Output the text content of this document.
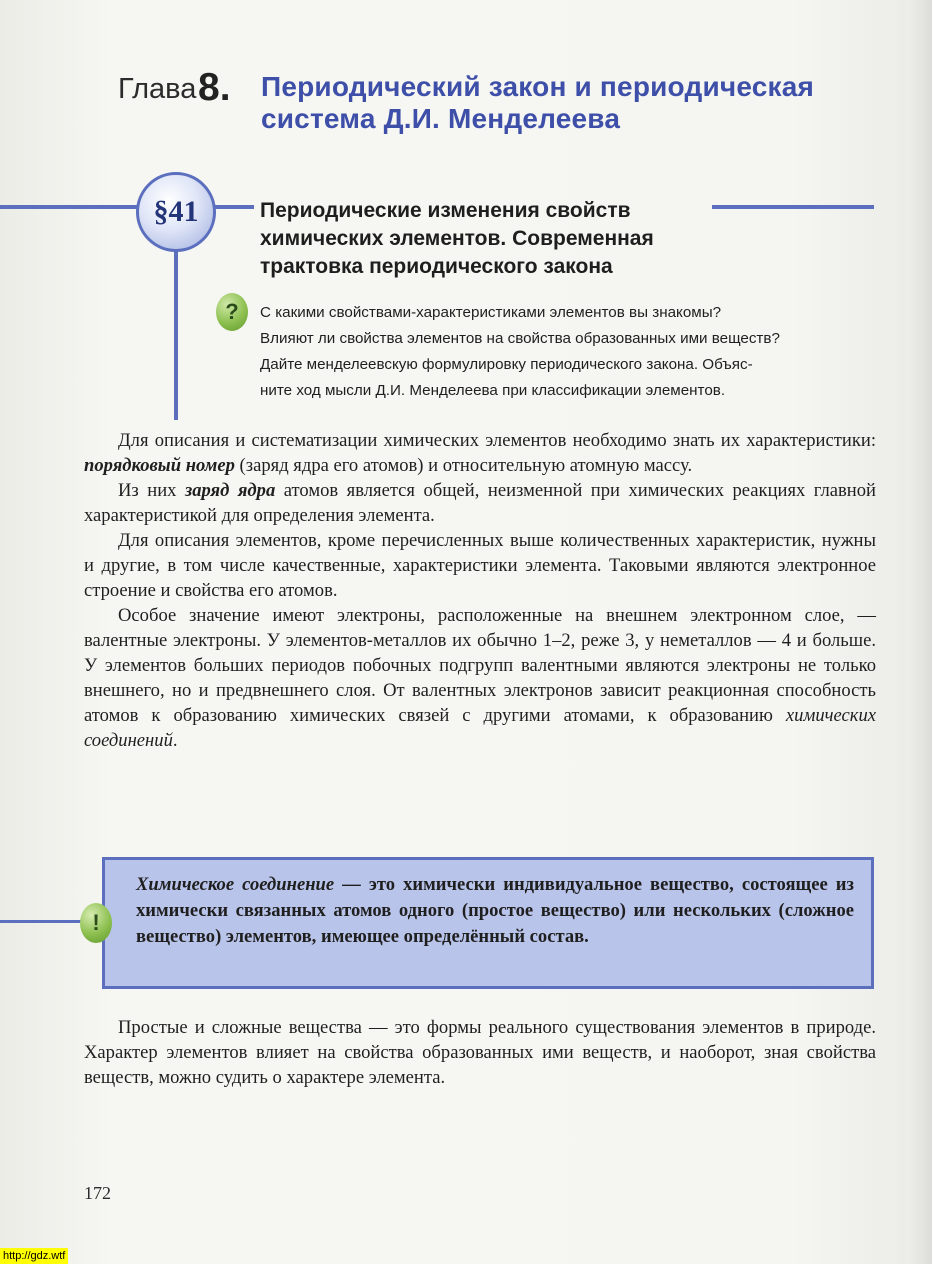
Глава 8. Периодический закон и периодическая
система Д.И. Менделеева
§41	Периодические изменения свойств
химических элементов. Современная
трактовка периодического закона
?	С какими свойствами-характеристиками элементов вы знакомы?
Влияют ли свойства элементов на свойства образованных ими веществ?
Дайте менделеевскую формулировку периодического закона. Объяс-
ните ход мысли Д.И. Менделеева при классификации элементов.

Для описания и систематизации химических элементов необходимо знать их характеристики: порядковый номер (заряд ядра его атомов) и относительную атомную массу.

Из них заряд ядра атомов является общей, неизменной при химических реакциях главной характеристикой для определения элемента.

Для описания элементов, кроме перечисленных выше количественных характеристик, нужны и другие, в том числе качественные, характеристики элемента. Таковыми являются электронное строение и свойства его атомов.

Особое значение имеют электроны, расположенные на внешнем электронном слое, — валентные электроны. У элементов-металлов их обычно 1–2, реже 3, у неметаллов — 4 и больше. У элементов больших периодов побочных подгрупп валентными являются электроны не только внешнего, но и предвнешнего слоя. От валентных электронов зависит реакционная способность атомов к образованию химических связей с другими атомами, к образованию химических соединений.

!
Химическое соединение — это химически индивидуальное вещество, состоящее из химически связанных атомов одного (простое вещество) или нескольких (сложное вещество) элементов, имеющее определённый состав.

Простые и сложные вещества — это формы реального существования элементов в природе. Характер элементов влияет на свойства образованных ими веществ, и наоборот, зная свойства веществ, можно судить о характере элемента.

172
http://gdz.wtf
